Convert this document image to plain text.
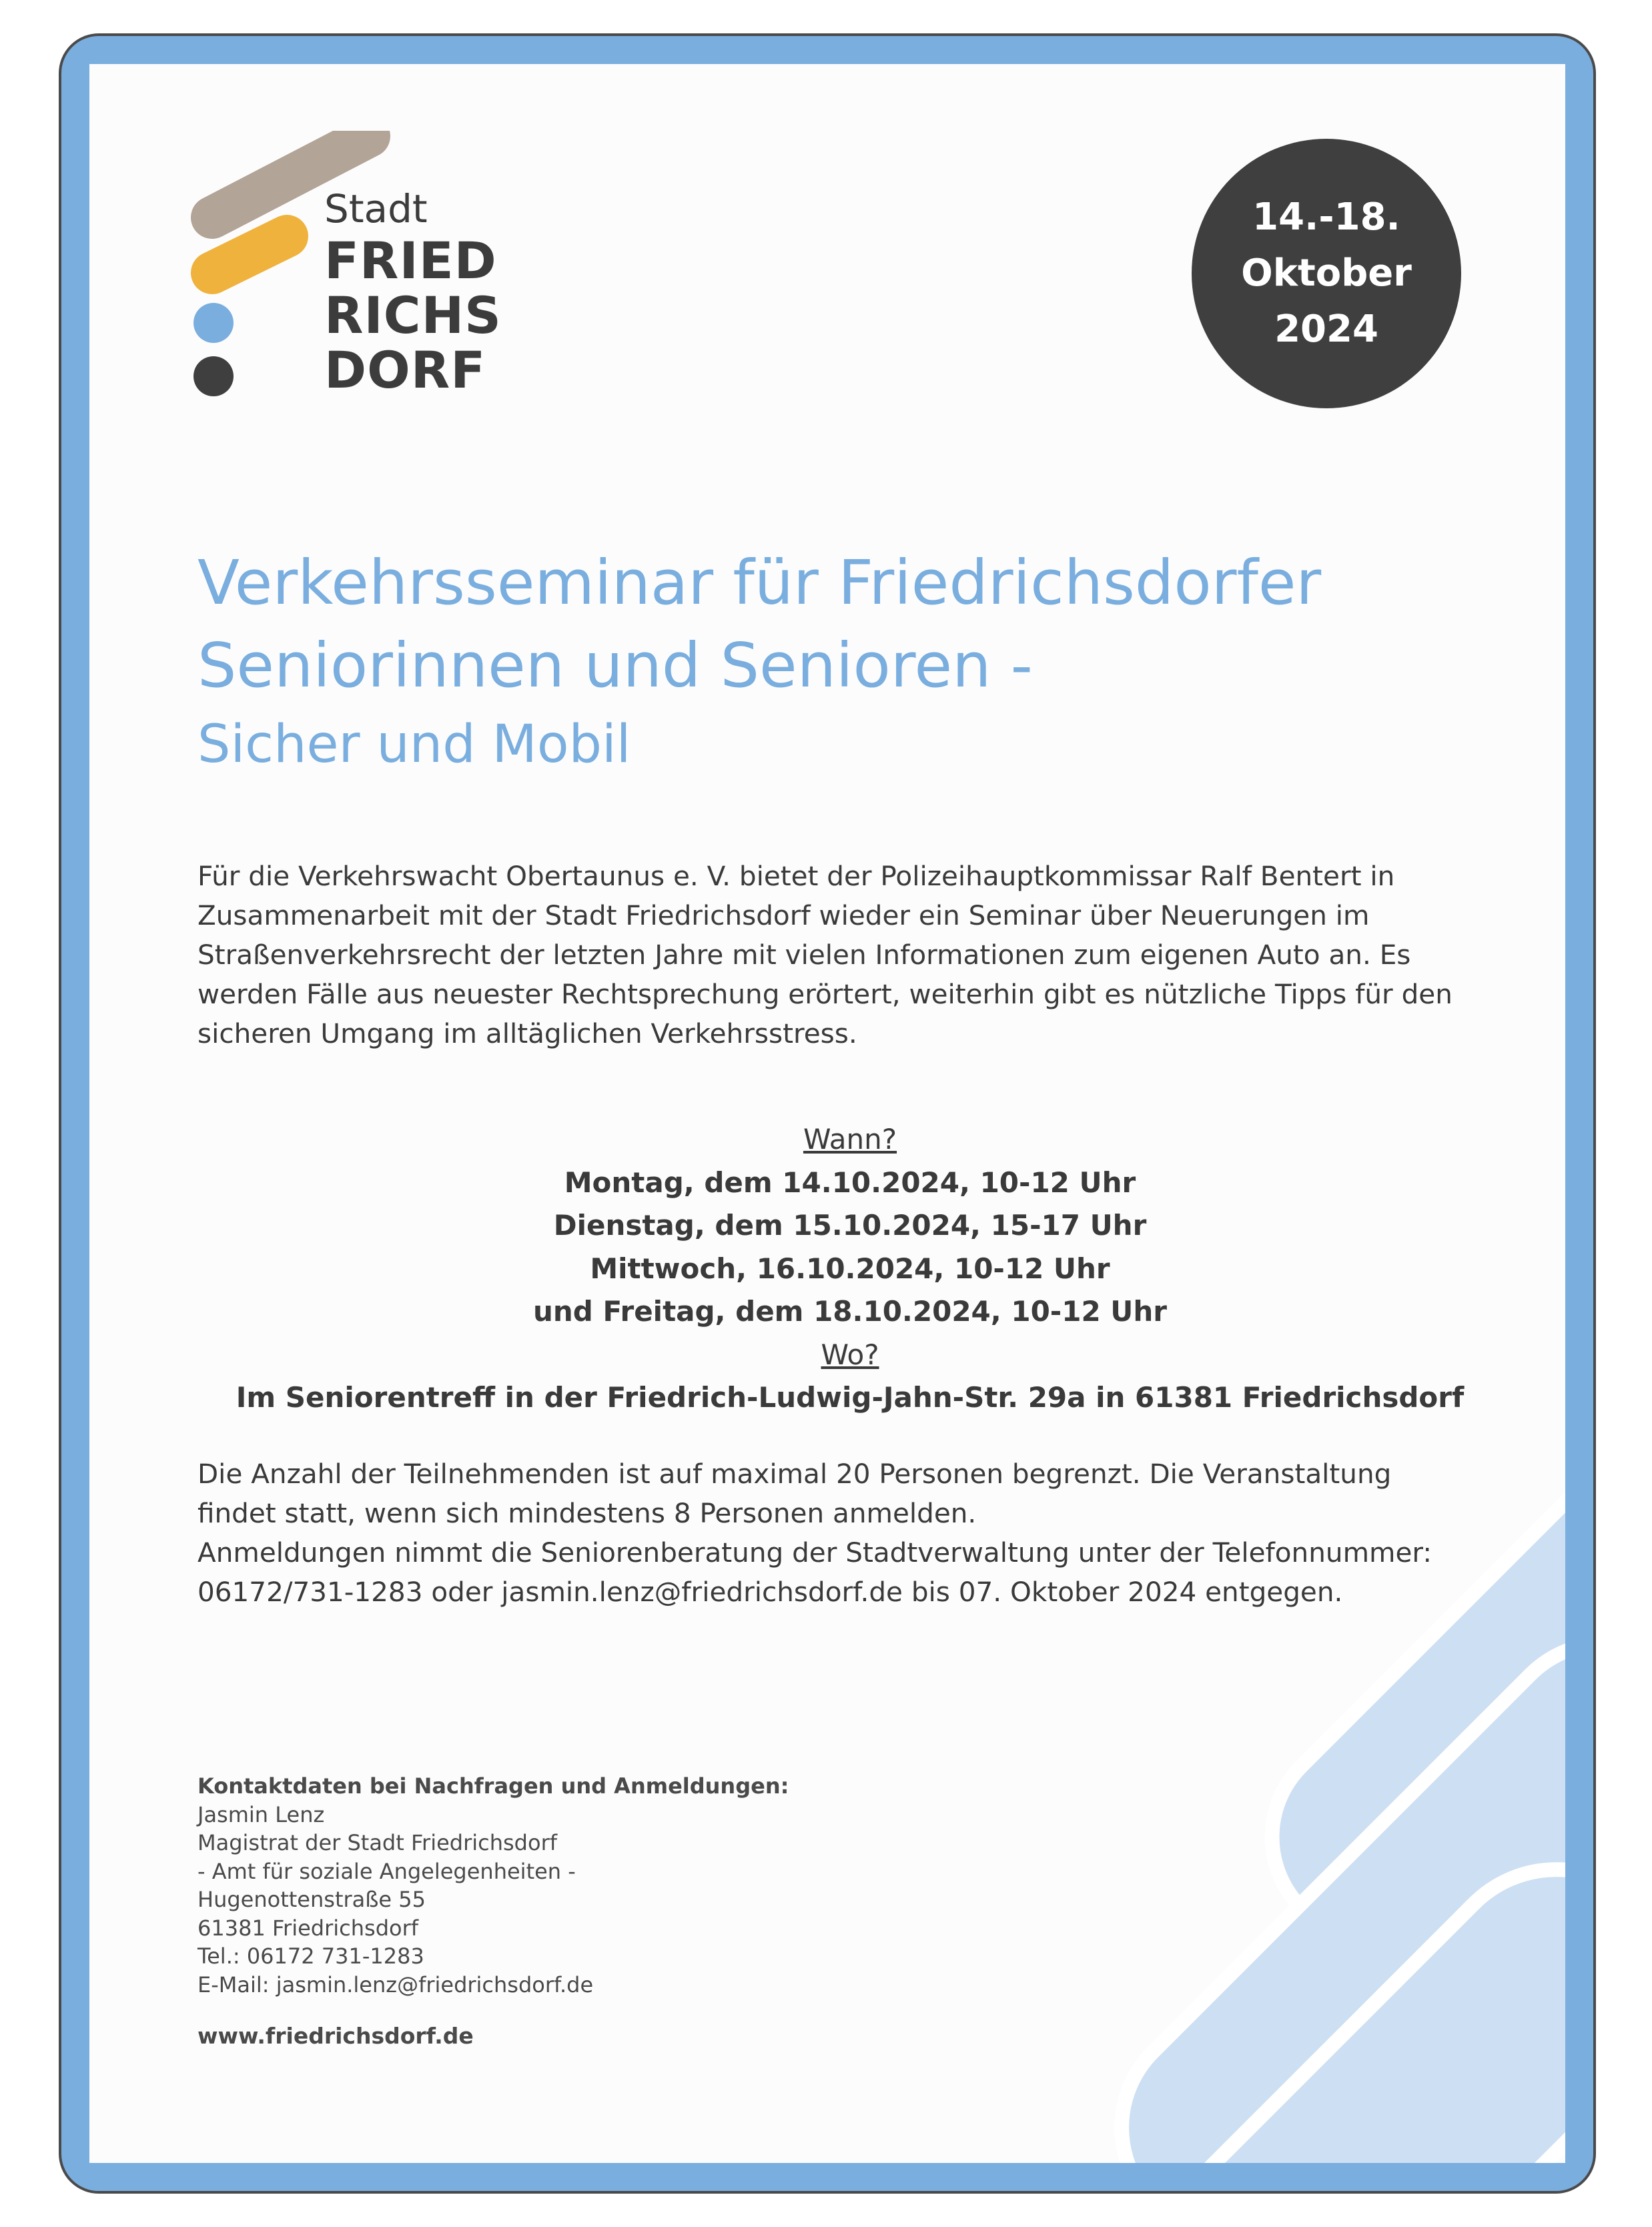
Stadt
FRIED
RICHS
DORF
14.-18.
Oktober
2024
Verkehrsseminar für Friedrichsdorfer
Seniorinnen und Senioren -
Sicher und Mobil

Für die Verkehrswacht Obertaunus e. V. bietet der Polizeihauptkommissar Ralf Bentert in Zusammenarbeit mit der Stadt Friedrichsdorf wieder ein Seminar über Neuerungen im Straßenverkehrsrecht der letzten Jahre mit vielen Informationen zum eigenen Auto an. Es werden Fälle aus neuester Rechtsprechung erörtert, weiterhin gibt es nützliche Tipps für den sicheren Umgang im alltäglichen Verkehrsstress.

Wann?
Montag, dem 14.10.2024, 10-12 Uhr
Dienstag, dem 15.10.2024, 15-17 Uhr
Mittwoch, 16.10.2024, 10-12 Uhr
und Freitag, dem 18.10.2024, 10-12 Uhr
Wo?
Im Seniorentreff in der Friedrich-Ludwig-Jahn-Str. 29a in 61381 Friedrichsdorf

Die Anzahl der Teilnehmenden ist auf maximal 20 Personen begrenzt. Die Veranstaltung
findet statt, wenn sich mindestens 8 Personen anmelden.
Anmeldungen nimmt die Seniorenberatung der Stadtverwaltung unter der Telefonnummer:
06172/731-1283 oder jasmin.lenz@friedrichsdorf.de bis 07. Oktober 2024 entgegen.

Kontaktdaten bei Nachfragen und Anmeldungen:
Jasmin Lenz
Magistrat der Stadt Friedrichsdorf
- Amt für soziale Angelegenheiten -
Hugenottenstraße 55
61381 Friedrichsdorf
Tel.: 06172 731-1283
E-Mail: jasmin.lenz@friedrichsdorf.de
www.friedrichsdorf.de
